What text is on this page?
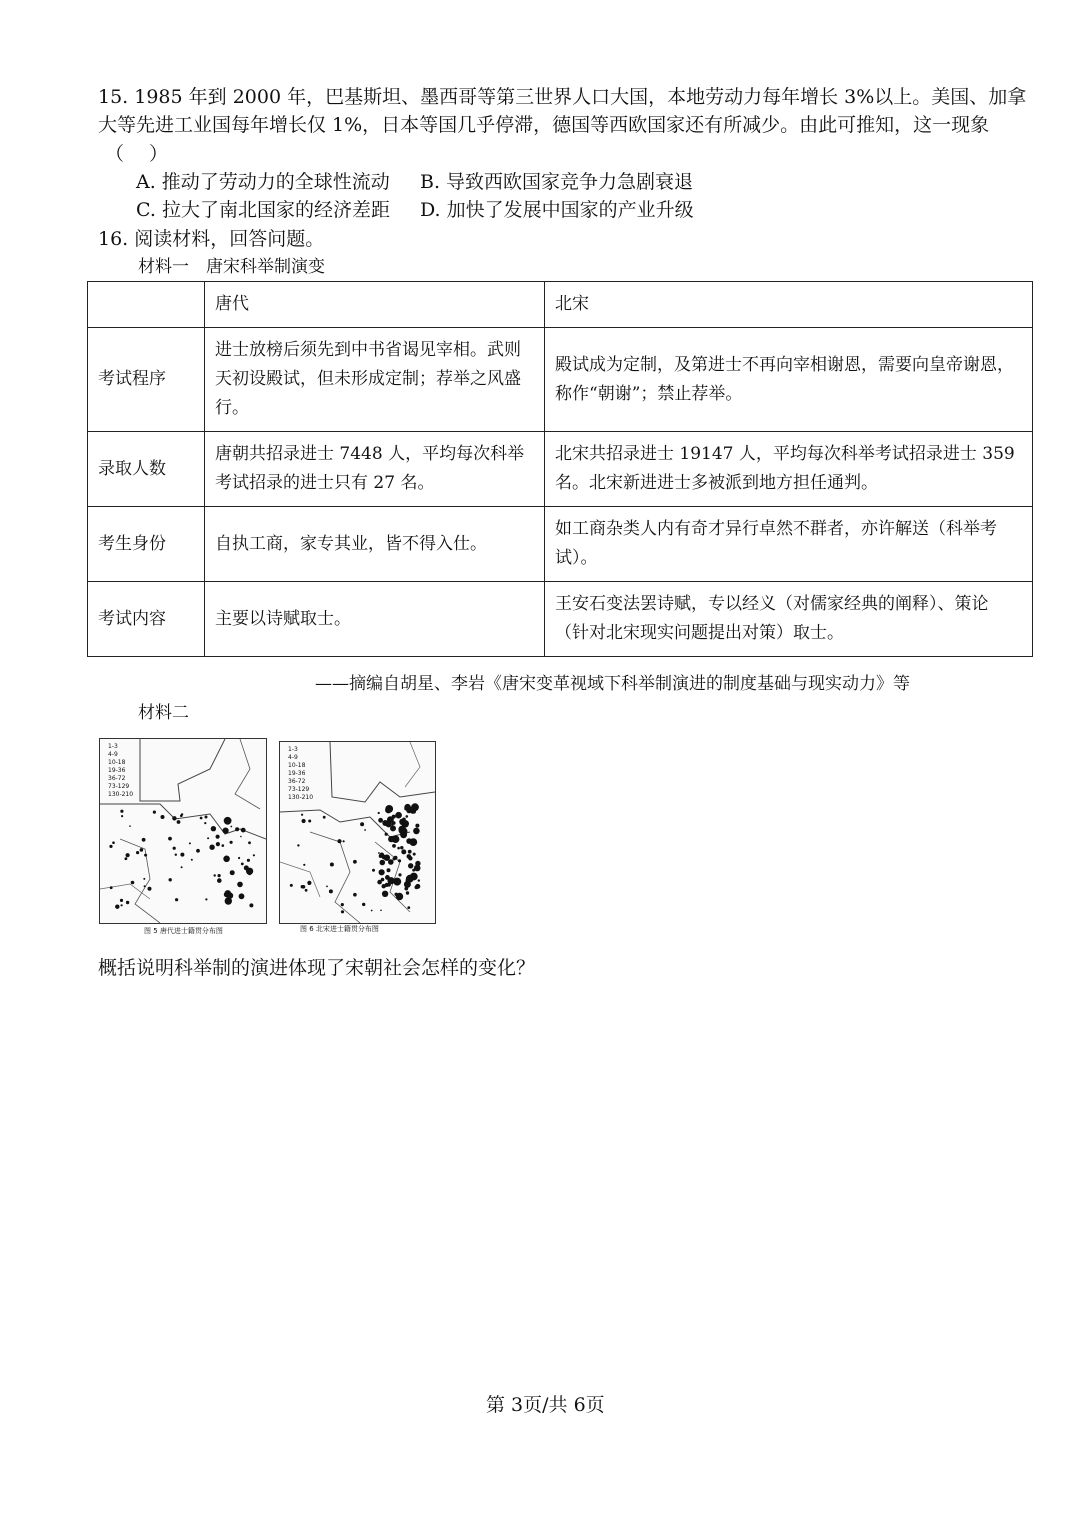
15. 1985 年到 2000 年，巴基斯坦、墨西哥等第三世界人口大国，本地劳动力每年增长 3%以上。美国、加拿
大等先进工业国每年增长仅 1%，日本等国几乎停滞，德国等西欧国家还有所减少。由此可推知，这一现象
（　 ）
A. 推动了劳动力的全球性流动 B. 导致西欧国家竞争力急剧衰退
C. 拉大了南北国家的经济差距 D. 加快了发展中国家的产业升级
16. 阅读材料，回答问题。
材料一　唐宋科举制演变
	唐代	北宋
考试程序	进士放榜后须先到中书省谒见宰相。武则天初设殿试，但未形成定制；荐举之风盛行。	殿试成为定制，及第进士不再向宰相谢恩，需要向皇帝谢恩，称作“朝谢”；禁止荐举。
录取人数	唐朝共招录进士 7448 人，平均每次科举考试招录的进士只有 27 名。	北宋共招录进士 19147 人，平均每次科举考试招录进士 359 名。北宋新进进士多被派到地方担任通判。
考生身份	自执工商，家专其业，皆不得入仕。	如工商杂类人内有奇才异行卓然不群者，亦许解送（科举考试）。
考试内容	主要以诗赋取士。	王安石变法罢诗赋，专以经义（对儒家经典的阐释）、策论（针对北宋现实问题提出对策）取士。
——摘编自胡星、李岩《唐宋变革视域下科举制演进的制度基础与现实动力》等
材料二
1-3
4-9
10-18
19-36
36-72
73-129
130-210
图 5 唐代进士籍贯分布图
1-3
4-9
10-18
19-36
36-72
73-129
130-210
图 6 北宋进士籍贯分布图
概括说明科举制的演进体现了宋朝社会怎样的变化？
第 3页/共 6页
